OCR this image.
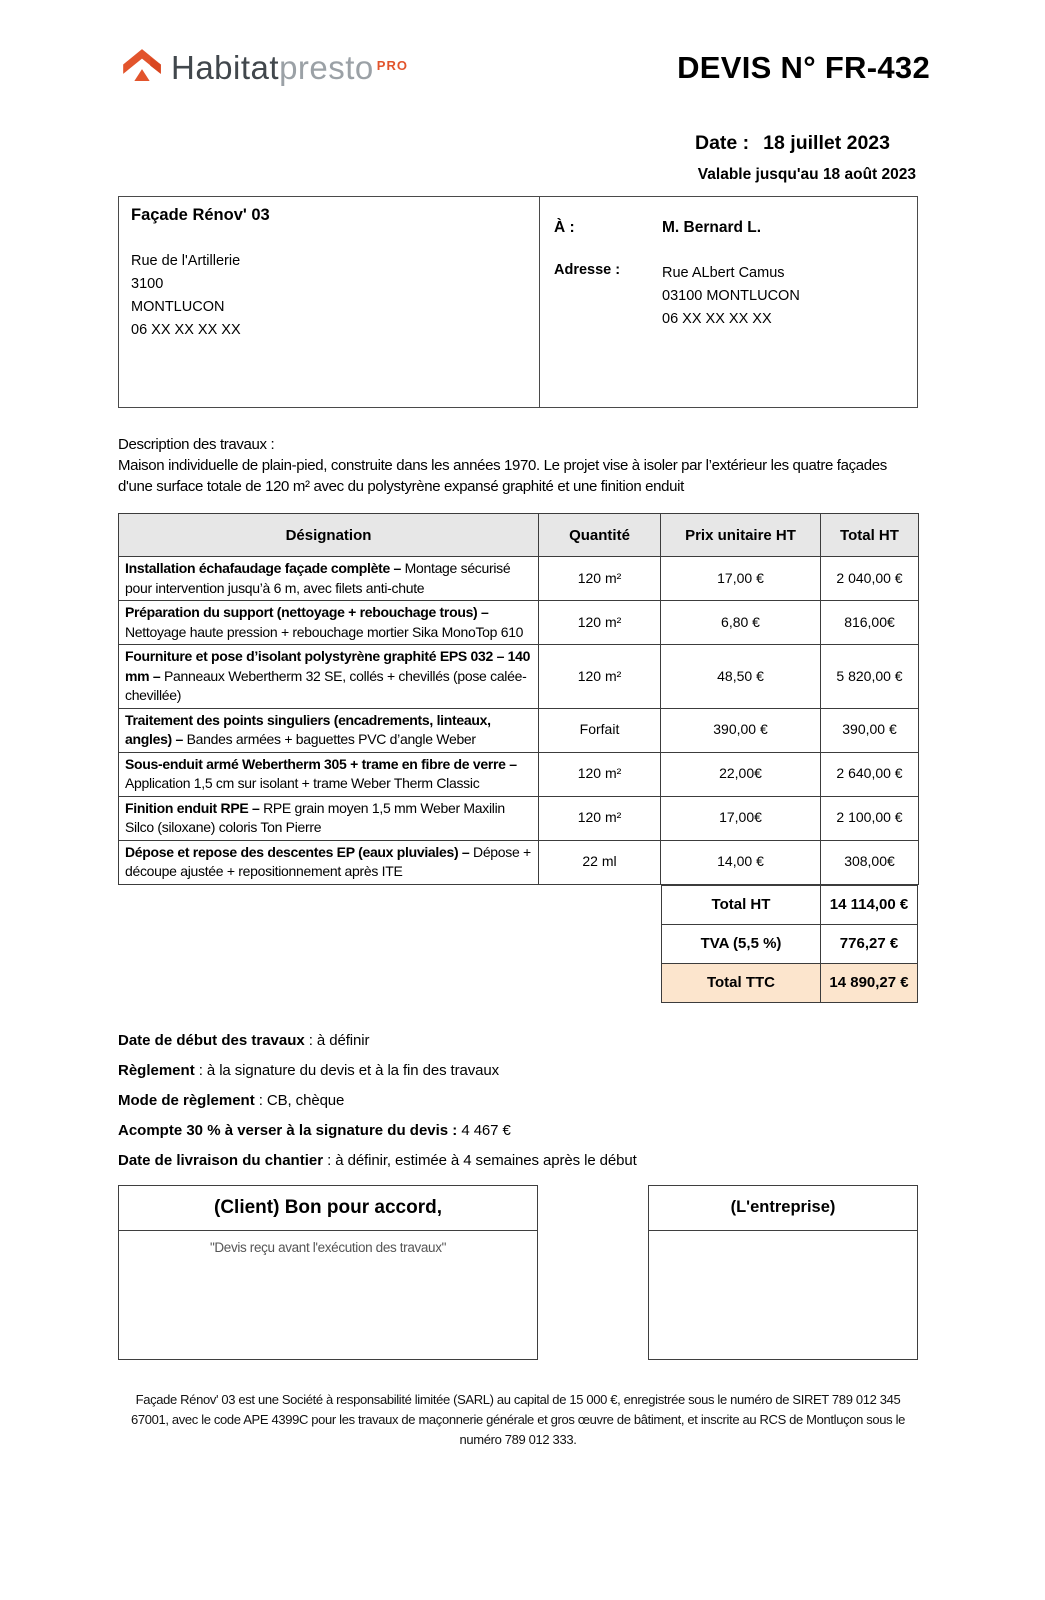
Habitatpresto $^{PRO}$	DEVIS N° FR-432
Date : 18 juillet 2023
Valable jusqu'au 18 août 2023
Façade Rénov' 03
Rue de l'Artillerie
3100
MONTLUCON
06 XX XX XX XX
À :	M. Bernard L.
Adresse :	Rue ALbert Camus
03100 MONTLUCON
06 XX XX XX XX
Description des travaux :
Maison individuelle de plain-pied, construite dans les années 1970. Le projet vise à isoler par l’extérieur les quatre façades d'une surface totale de 120 m² avec du polystyrène expansé graphité et une finition enduit
Désignation	Quantité	Prix unitaire HT	Total HT
Installation échafaudage façade complète – Montage sécurisé pour intervention jusqu’à 6 m, avec filets anti-chute	120 m²	17,00 €	2 040,00 €
Préparation du support (nettoyage + rebouchage trous) – Nettoyage haute pression + rebouchage mortier Sika MonoTop 610	120 m²	6,80 €	816,00€
Fourniture et pose d’isolant polystyrène graphité EPS 032 – 140 mm – Panneaux Webertherm 32 SE, collés + chevillés (pose calée-chevillée)	120 m²	48,50 €	5 820,00 €
Traitement des points singuliers (encadrements, linteaux, angles) – Bandes armées + baguettes PVC d’angle Weber	Forfait	390,00 €	390,00 €
Sous-enduit armé Webertherm 305 + trame en fibre de verre – Application 1,5 cm sur isolant + trame Weber Therm Classic	120 m²	22,00€	2 640,00 €
Finition enduit RPE – RPE grain moyen 1,5 mm Weber Maxilin Silco (siloxane) coloris Ton Pierre	120 m²	17,00€	2 100,00 €
Dépose et repose des descentes EP (eaux pluviales) – Dépose + découpe ajustée + repositionnement après ITE	22 ml	14,00 €	308,00€
Total HT	14 114,00 €
TVA (5,5 %)	776,27 €
Total TTC	14 890,27 €
Date de début des travaux : à définir
Règlement : à la signature du devis et à la fin des travaux
Mode de règlement : CB, chèque
Acompte 30 % à verser à la signature du devis : 4 467 €
Date de livraison du chantier : à définir, estimée à 4 semaines après le début
(Client) Bon pour accord,
"Devis reçu avant l'exécution des travaux"
(L'entreprise)
Façade Rénov' 03 est une Société à responsabilité limitée (SARL) au capital de 15 000 €, enregistrée sous le numéro de SIRET 789 012 345 67001, avec le code APE 4399C pour les travaux de maçonnerie générale et gros œuvre de bâtiment, et inscrite au RCS de Montluçon sous le numéro 789 012 333.
